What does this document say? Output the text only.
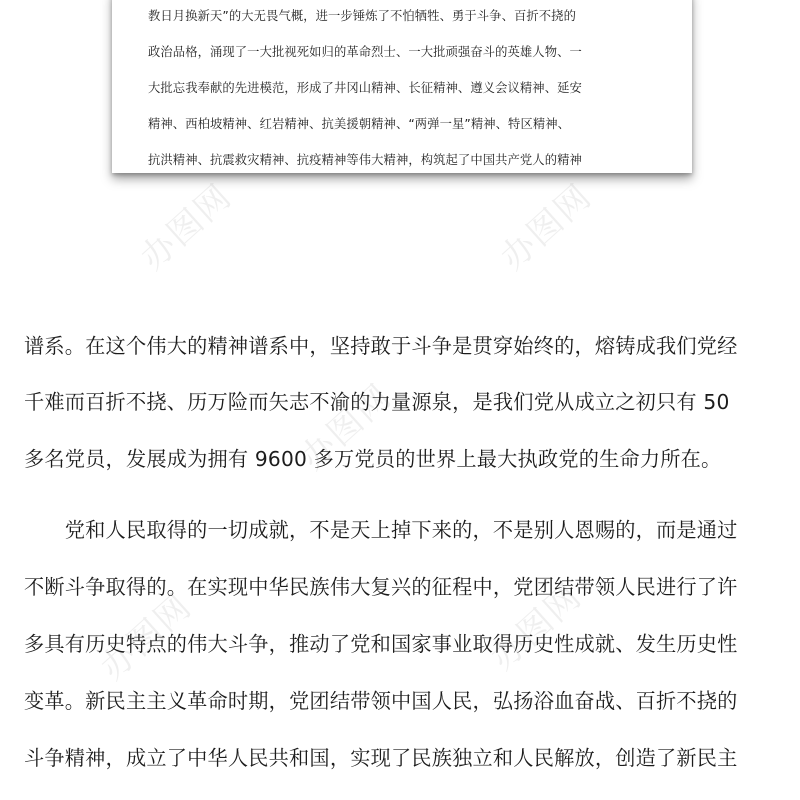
办图网	办图网
办图网
办图网	办图网
教日月换新天”的大无畏气概，进一步锤炼了不怕牺牲、勇于斗争、百折不挠的
政治品格，涌现了一大批视死如归的革命烈士、一大批顽强奋斗的英雄人物、一
大批忘我奉献的先进模范，形成了井冈山精神、长征精神、遵义会议精神、延安
精神、西柏坡精神、红岩精神、抗美援朝精神、“两弹一星”精神、特区精神、
抗洪精神、抗震救灾精神、抗疫精神等伟大精神，构筑起了中国共产党人的精神
谱系。在这个伟大的精神谱系中，坚持敢于斗争是贯穿始终的，熔铸成我们党经
千难而百折不挠、历万险而矢志不渝的力量源泉，是我们党从成立之初只有 50
多名党员，发展成为拥有 9600 多万党员的世界上最大执政党的生命力所在。
　　党和人民取得的一切成就，不是天上掉下来的，不是别人恩赐的，而是通过
不断斗争取得的。在实现中华民族伟大复兴的征程中，党团结带领人民进行了许
多具有历史特点的伟大斗争，推动了党和国家事业取得历史性成就、发生历史性
变革。新民主主义革命时期，党团结带领中国人民，弘扬浴血奋战、百折不挠的
斗争精神，成立了中华人民共和国，实现了民族独立和人民解放，创造了新民主
